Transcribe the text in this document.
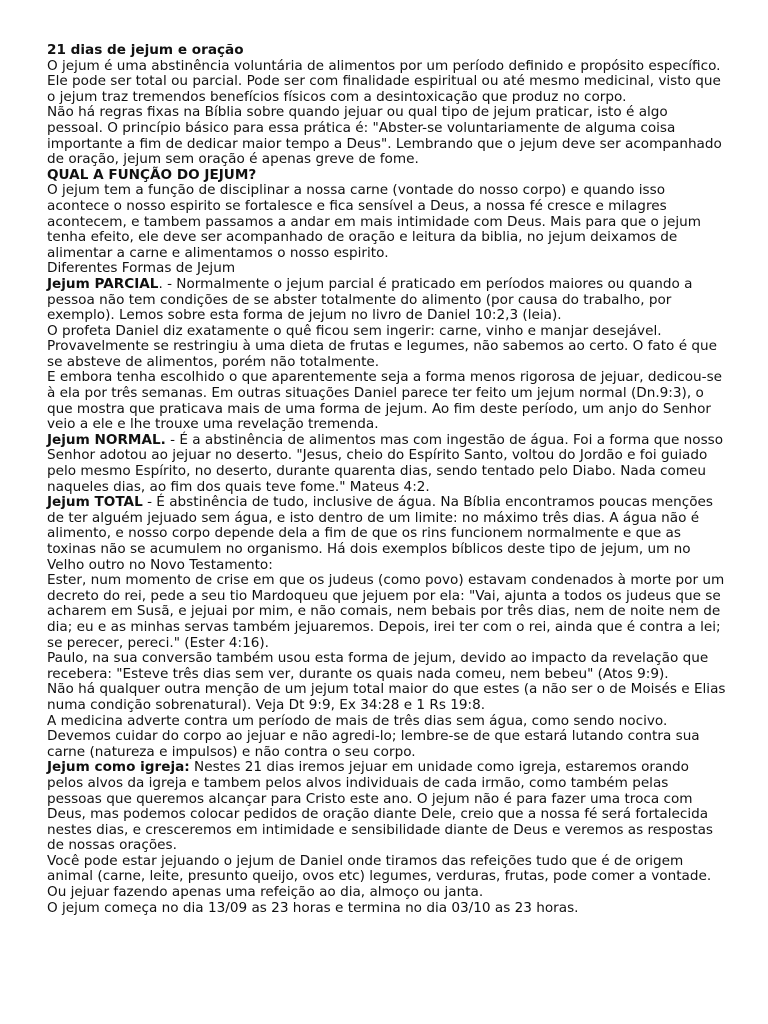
21 dias de jejum e oração

O jejum é uma abstinência voluntária de alimentos por um período definido e propósito específico. Ele pode ser total ou parcial. Pode ser com finalidade espiritual ou até mesmo medicinal, visto que o jejum traz tremendos benefícios físicos com a desintoxicação que produz no corpo.

Não há regras fixas na Bíblia sobre quando jejuar ou qual tipo de jejum praticar, isto é algo pessoal. O princípio básico para essa prática é: "Abster-se voluntariamente de alguma coisa importante a fim de dedicar maior tempo a Deus". Lembrando que o jejum deve ser acompanhado de oração, jejum sem oração é apenas greve de fome.

QUAL A FUNÇÃO DO JEJUM?

O jejum tem a função de disciplinar a nossa carne (vontade do nosso corpo) e quando isso acontece o nosso espirito se fortalesce e fica sensível a Deus, a nossa fé cresce e milagres acontecem, e tambem passamos a andar em mais intimidade com Deus. Mais para que o jejum tenha efeito, ele deve ser acompanhado de oração e leitura da biblia, no jejum deixamos de alimentar a carne e alimentamos o nosso espirito.

Diferentes Formas de Jejum

Jejum PARCIAL. - Normalmente o jejum parcial é praticado em períodos maiores ou quando a pessoa não tem condições de se abster totalmente do alimento (por causa do trabalho, por exemplo). Lemos sobre esta forma de jejum no livro de Daniel 10:2,3 (leia).

O profeta Daniel diz exatamente o quê ficou sem ingerir: carne, vinho e manjar desejável. Provavelmente se restringiu à uma dieta de frutas e legumes, não sabemos ao certo. O fato é que se absteve de alimentos, porém não totalmente.

E embora tenha escolhido o que aparentemente seja a forma menos rigorosa de jejuar, dedicou-se à ela por três semanas. Em outras situações Daniel parece ter feito um jejum normal (Dn.9:3), o que mostra que praticava mais de uma forma de jejum. Ao fim deste período, um anjo do Senhor veio a ele e lhe trouxe uma revelação tremenda.

Jejum NORMAL. - É a abstinência de alimentos mas com ingestão de água. Foi a forma que nosso Senhor adotou ao jejuar no deserto. "Jesus, cheio do Espírito Santo, voltou do Jordão e foi guiado pelo mesmo Espírito, no deserto, durante quarenta dias, sendo tentado pelo Diabo. Nada comeu naqueles dias, ao fim dos quais teve fome." Mateus 4:2.

Jejum TOTAL - É abstinência de tudo, inclusive de água. Na Bíblia encontramos poucas menções de ter alguém jejuado sem água, e isto dentro de um limite: no máximo três dias. A água não é alimento, e nosso corpo depende dela a fim de que os rins funcionem normalmente e que as toxinas não se acumulem no organismo. Há dois exemplos bíblicos deste tipo de jejum, um no Velho outro no Novo Testamento:

Ester, num momento de crise em que os judeus (como povo) estavam condenados à morte por um decreto do rei, pede a seu tio Mardoqueu que jejuem por ela: "Vai, ajunta a todos os judeus que se acharem em Susã, e jejuai por mim, e não comais, nem bebais por três dias, nem de noite nem de dia; eu e as minhas servas também jejuaremos. Depois, irei ter com o rei, ainda que é contra a lei; se perecer, pereci." (Ester 4:16).

Paulo, na sua conversão também usou esta forma de jejum, devido ao impacto da revelação que recebera: "Esteve três dias sem ver, durante os quais nada comeu, nem bebeu" (Atos 9:9).

Não há qualquer outra menção de um jejum total maior do que estes (a não ser o de Moisés e Elias numa condição sobrenatural). Veja Dt 9:9, Ex 34:28 e 1 Rs 19:8.

A medicina adverte contra um período de mais de três dias sem água, como sendo nocivo. Devemos cuidar do corpo ao jejuar e não agredi-lo; lembre-se de que estará lutando contra sua carne (natureza e impulsos) e não contra o seu corpo.

Jejum como igreja: Nestes 21 dias iremos jejuar em unidade como igreja, estaremos orando pelos alvos da igreja e tambem pelos alvos individuais de cada irmão, como também pelas pessoas que queremos alcançar para Cristo este ano. O jejum não é para fazer uma troca com Deus, mas podemos colocar pedidos de oração diante Dele, creio que a nossa fé será fortalecida nestes dias, e cresceremos em intimidade e sensibilidade diante de Deus e veremos as respostas de nossas orações.

Você pode estar jejuando o jejum de Daniel onde tiramos das refeições tudo que é de origem animal (carne, leite, presunto queijo, ovos etc) legumes, verduras, frutas, pode comer a vontade. Ou jejuar fazendo apenas uma refeição ao dia, almoço ou janta.

O jejum começa no dia 13/09 as 23 horas e termina no dia 03/10 as 23 horas.
